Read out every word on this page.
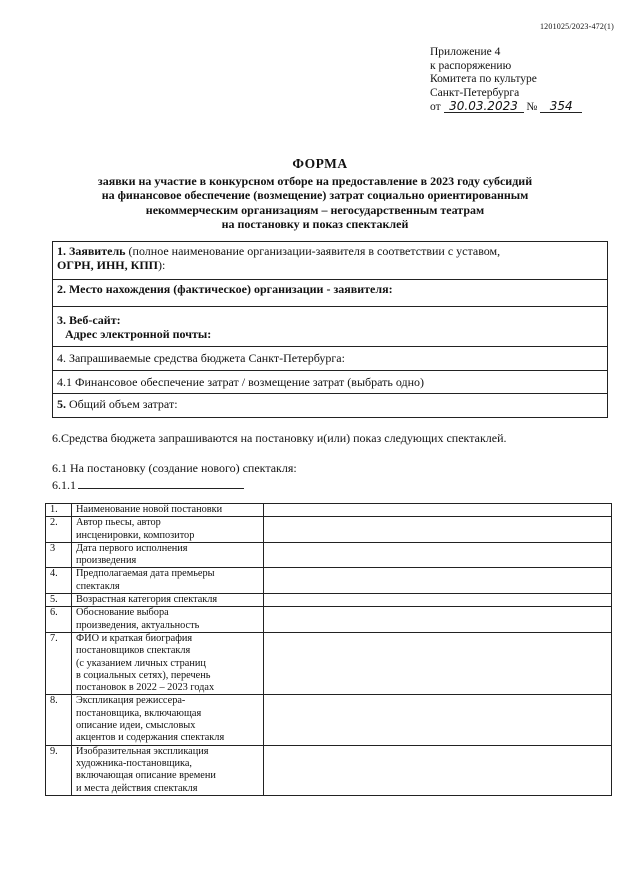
1201025/2023-472(1)
Приложение 4
к распоряжению
Комитета по культуре
Санкт-Петербурга
от 30.03.2023 № 354
ФОРМА
заявки на участие в конкурсном отборе на предоставление в 2023 году субсидий
на финансовое обеспечение (возмещение) затрат социально ориентированным
некоммерческим организациям – негосударственным театрам
на постановку и показ спектаклей
1. Заявитель (полное наименование организации-заявителя в соответствии с уставом,
ОГРН, ИНН, КПП):
2. Место нахождения (фактическое) организации - заявителя:
3. Веб-сайт:
Адрес электронной почты:
4. Запрашиваемые средства бюджета Санкт-Петербурга:
4.1 Финансовое обеспечение затрат / возмещение затрат (выбрать одно)
5. Общий объем затрат:
6.Средства бюджета запрашиваются на постановку и(или) показ следующих спектаклей.
6.1 На постановку (создание нового) спектакля:
6.1.1
1.	Наименование новой постановки	

2.	Автор пьесы, автор
инсценировки, композитор	

3	Дата первого исполнения
произведения	

4.	Предполагаемая дата премьеры
спектакля	

5.	Возрастная категория спектакля	

6.	Обоснование выбора
произведения, актуальность	

7.	ФИО и краткая биография
постановщиков спектакля
(с указанием личных страниц
в социальных сетях), перечень
постановок в 2022 – 2023 годах	

8.	Экспликация режиссера-
постановщика, включающая
описание идеи, смысловых
акцентов и содержания спектакля	

9.	Изобразительная экспликация
художника-постановщика,
включающая описание времени
и места действия спектакля	
